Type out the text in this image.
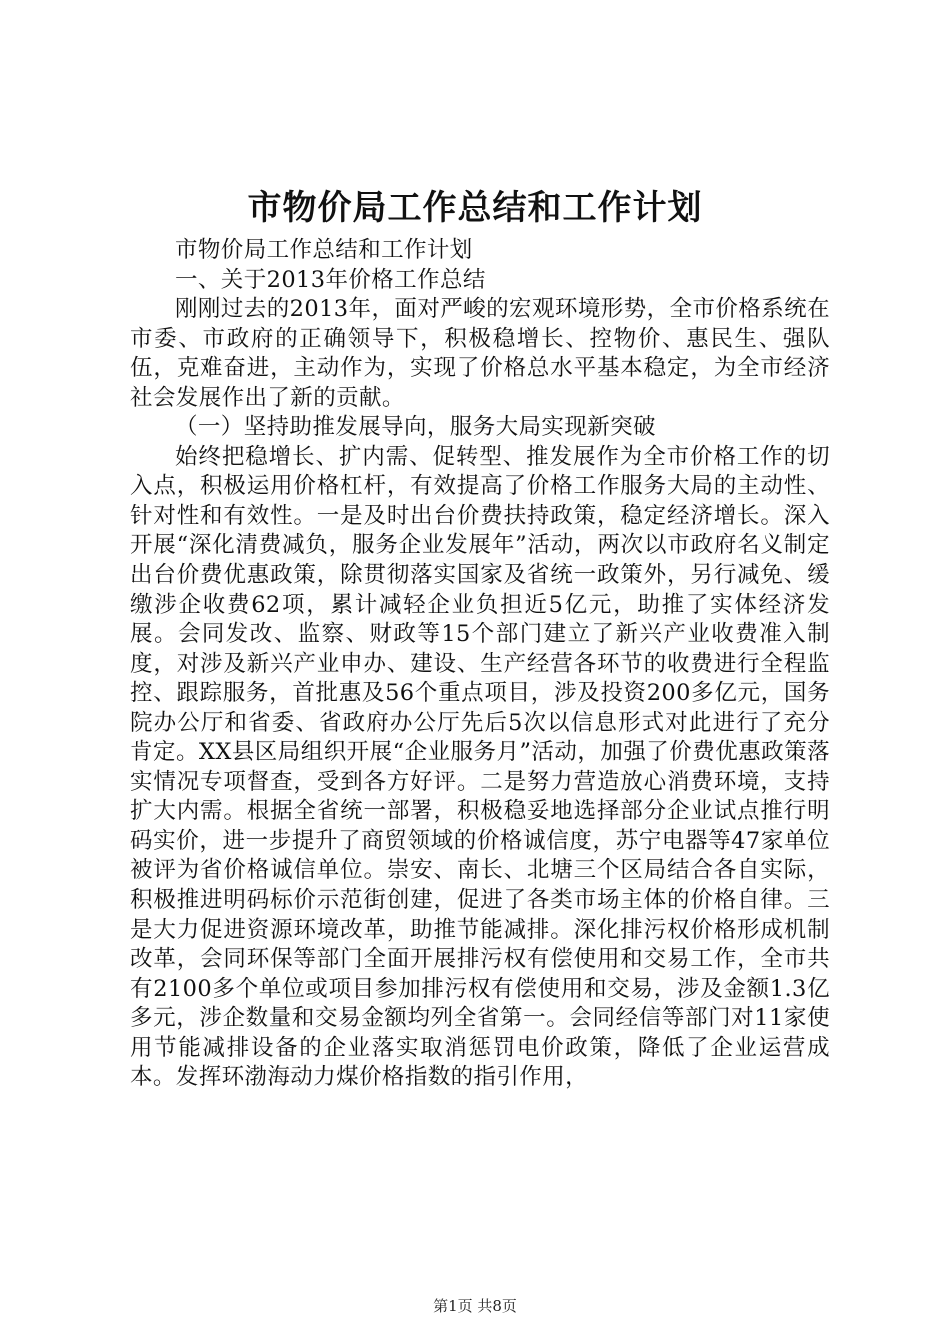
市物价局工作总结和工作计划

市物价局工作总结和工作计划

一、关于2013年价格工作总结

刚刚过去的2013年，面对严峻的宏观环境形势，全市价格系统在市委、市政府的正确领导下，积极稳增长、控物价、惠民生、强队伍，克难奋进，主动作为，实现了价格总水平基本稳定，为全市经济社会发展作出了新的贡献。

（一）坚持助推发展导向，服务大局实现新突破

始终把稳增长、扩内需、促转型、推发展作为全市价格工作的切入点，积极运用价格杠杆，有效提高了价格工作服务大局的主动性、针对性和有效性。一是及时出台价费扶持政策，稳定经济增长。深入开展“深化清费减负，服务企业发展年”活动，两次以市政府名义制定出台价费优惠政策，除贯彻落实国家及省统一政策外，另行减免、缓缴涉企收费62项，累计减轻企业负担近5亿元，助推了实体经济发展。会同发改、监察、财政等15个部门建立了新兴产业收费准入制度，对涉及新兴产业申办、建设、生产经营各环节的收费进行全程监控、跟踪服务，首批惠及56个重点项目，涉及投资200多亿元，国务院办公厅和省委、省政府办公厅先后5次以信息形式对此进行了充分肯定。XX县区局组织开展“企业服务月”活动，加强了价费优惠政策落实情况专项督查，受到各方好评。二是努力营造放心消费环境，支持扩大内需。根据全省统一部署，积极稳妥地选择部分企业试点推行明码实价，进一步提升了商贸领域的价格诚信度，苏宁电器等47家单位被评为省价格诚信单位。崇安、南长、北塘三个区局结合各自实际，积极推进明码标价示范街创建，促进了各类市场主体的价格自律。三是大力促进资源环境改革，助推节能减排。深化排污权价格形成机制改革，会同环保等部门全面开展排污权有偿使用和交易工作，全市共有2100多个单位或项目参加排污权有偿使用和交易，涉及金额1.3亿多元，涉企数量和交易金额均列全省第一。会同经信等部门对11家使用节能减排设备的企业落实取消惩罚电价政策，降低了企业运营成本。发挥环渤海动力煤价格指数的指引作用，

第1页 共8页
